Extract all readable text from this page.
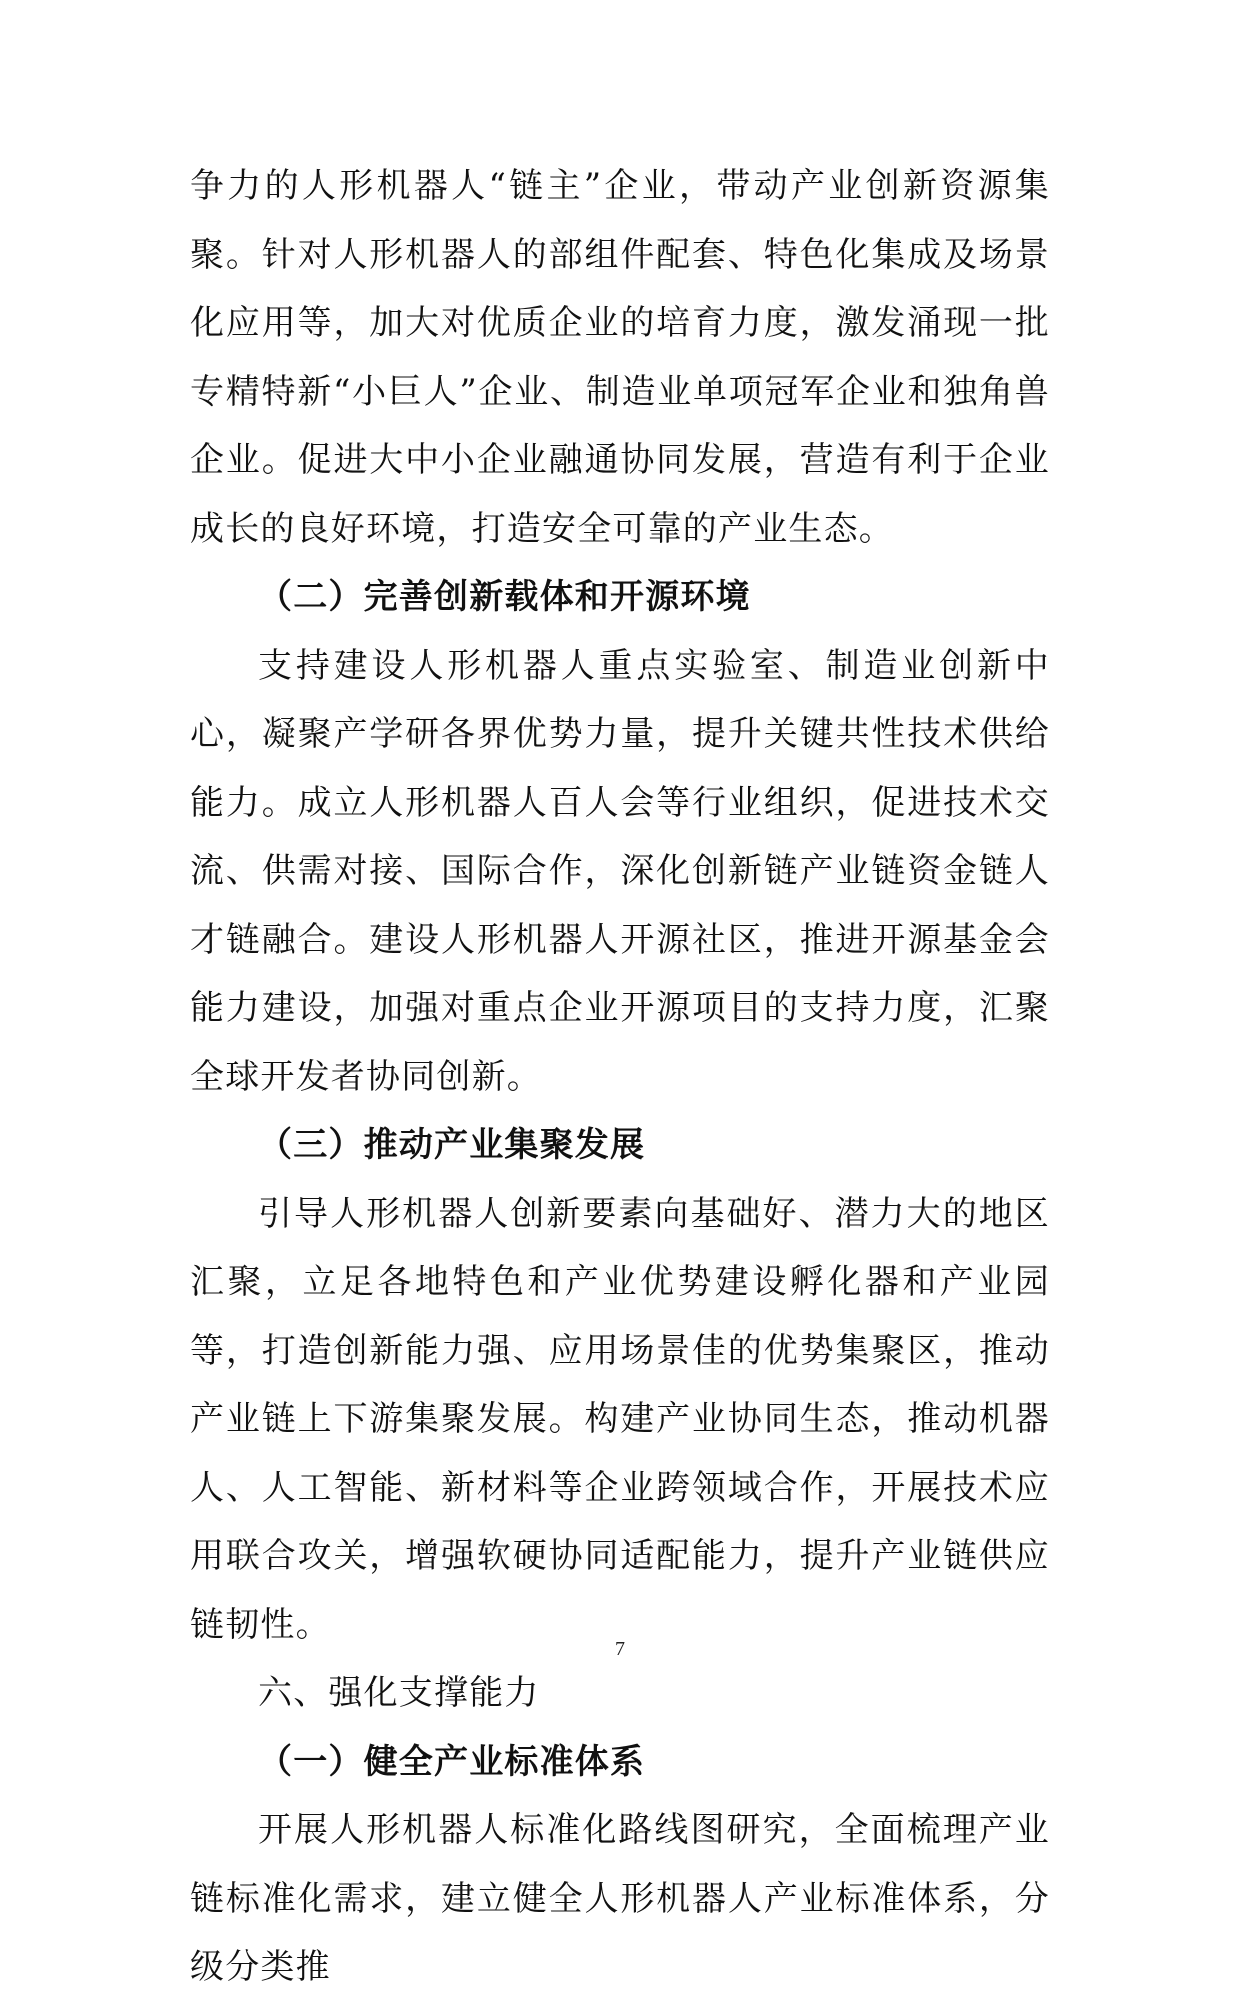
争力的人形机器人“链主”企业，带动产业创新资源集聚。针对人形机器人的部组件配套、特色化集成及场景化应用等，加大对优质企业的培育力度，激发涌现一批专精特新“小巨人”企业、制造业单项冠军企业和独角兽企业。促进大中小企业融通协同发展，营造有利于企业成长的良好环境，打造安全可靠的产业生态。

（二）完善创新载体和开源环境

支持建设人形机器人重点实验室、制造业创新中心，凝聚产学研各界优势力量，提升关键共性技术供给能力。成立人形机器人百人会等行业组织，促进技术交流、供需对接、国际合作，深化创新链产业链资金链人才链融合。建设人形机器人开源社区，推进开源基金会能力建设，加强对重点企业开源项目的支持力度，汇聚全球开发者协同创新。

（三）推动产业集聚发展

引导人形机器人创新要素向基础好、潜力大的地区汇聚，立足各地特色和产业优势建设孵化器和产业园等，打造创新能力强、应用场景佳的优势集聚区，推动产业链上下游集聚发展。构建产业协同生态，推动机器人、人工智能、新材料等企业跨领域合作，开展技术应用联合攻关，增强软硬协同适配能力，提升产业链供应链韧性。

六、强化支撑能力

（一）健全产业标准体系

开展人形机器人标准化路线图研究，全面梳理产业链标准化需求，建立健全人形机器人产业标准体系，分级分类推

7
